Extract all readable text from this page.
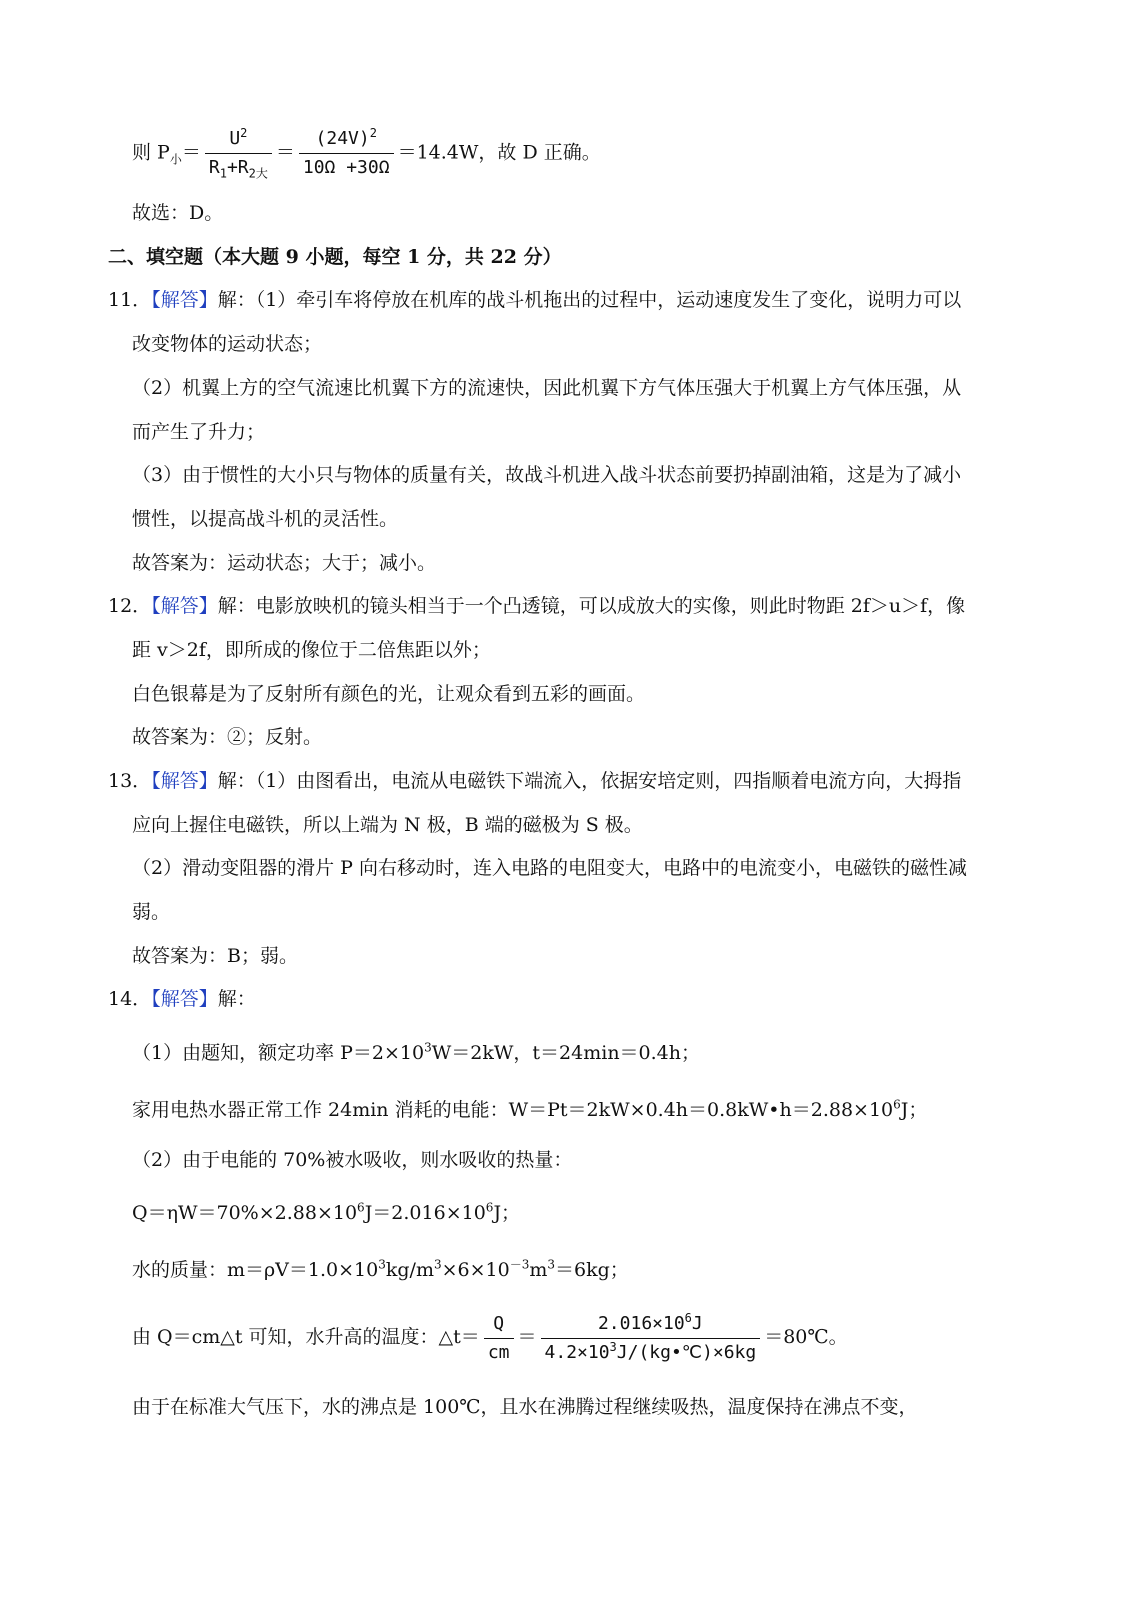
则 $P_小= \frac{U^2}{R_1+R_{2大}} = \frac{(24V)^2}{10\Omega +30\Omega} =14.4W$，故 D 正确。
故选：D。
二、填空题（本大题 9 小题，每空 1 分，共 22 分）
11．【解答】解：（1）牵引车将停放在机库的战斗机拖出的过程中，运动速度发生了变化，说明力可以
改变物体的运动状态；
（2）机翼上方的空气流速比机翼下方的流速快，因此机翼下方气体压强大于机翼上方气体压强，从
而产生了升力；
（3）由于惯性的大小只与物体的质量有关，故战斗机进入战斗状态前要扔掉副油箱，这是为了减小
惯性，以提高战斗机的灵活性。
故答案为：运动状态；大于；减小。
12．【解答】解：电影放映机的镜头相当于一个凸透镜，可以成放大的实像，则此时物距 2f＞u＞f，像
距 v＞2f，即所成的像位于二倍焦距以外；
白色银幕是为了反射所有颜色的光，让观众看到五彩的画面。
故答案为：②；反射。
13．【解答】解：（1）由图看出，电流从电磁铁下端流入，依据安培定则，四指顺着电流方向，大拇指
应向上握住电磁铁，所以上端为 N 极，B 端的磁极为 S 极。
（2）滑动变阻器的滑片 P 向右移动时，连入电路的电阻变大，电路中的电流变小，电磁铁的磁性减
弱。
故答案为：B；弱。
14．【解答】解：
（1）由题知，额定功率 $P=2\times 10^3W=2kW$，t＝24min＝0.4h；
家用电热水器正常工作 24min 消耗的电能：$W=Pt=2kW\times 0.4h=0.8kW•h=2.88\times 10^6J$；
（2）由于电能的 70%被水吸收，则水吸收的热量：
$Q=\eta W=70\%\times 2.88\times 10^6J=2.016\times 10^6J$；
水的质量：$m=\rho V=1.0\times 10^3kg/m^3\times 6\times 10^{-3}m^3=6kg$；
由 Q＝cm△t 可知，水升高的温度：△t＝ $\frac{Q}{cm} = \frac{2.016\times 10^6J}{4.2\times 10^3J/(kg•℃)\times 6kg}$ ＝80℃。
由于在标准大气压下，水的沸点是 100℃，且水在沸腾过程继续吸热，温度保持在沸点不变，
